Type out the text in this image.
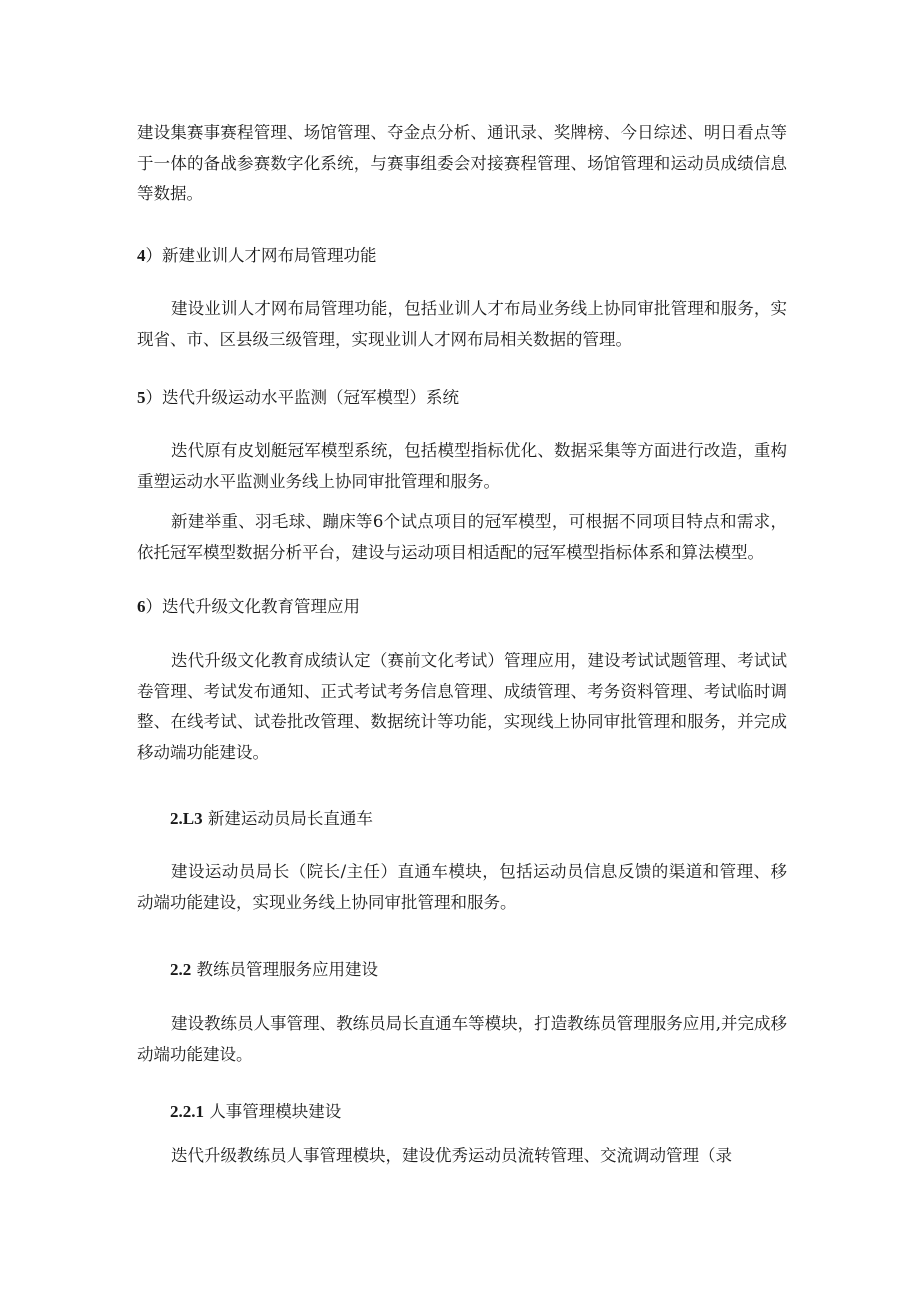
建设集赛事赛程管理、场馆管理、夺金点分析、通讯录、奖牌榜、今日综述、明日看点等于一体的备战参赛数字化系统，与赛事组委会对接赛程管理、场馆管理和运动员成绩信息等数据。
4）新建业训人才网布局管理功能
建设业训人才网布局管理功能，包括业训人才布局业务线上协同审批管理和服务，实现省、市、区县级三级管理，实现业训人才网布局相关数据的管理。
5）迭代升级运动水平监测（冠军模型）系统
迭代原有皮划艇冠军模型系统，包括模型指标优化、数据采集等方面进行改造，重构重塑运动水平监测业务线上协同审批管理和服务。
新建举重、羽毛球、蹦床等6个试点项目的冠军模型，可根据不同项目特点和需求，依托冠军模型数据分析平台，建设与运动项目相适配的冠军模型指标体系和算法模型。
6）迭代升级文化教育管理应用
迭代升级文化教育成绩认定（赛前文化考试）管理应用，建设考试试题管理、考试试卷管理、考试发布通知、正式考试考务信息管理、成绩管理、考务资料管理、考试临时调整、在线考试、试卷批改管理、数据统计等功能，实现线上协同审批管理和服务，并完成移动端功能建设。
2.L3 新建运动员局长直通车
建设运动员局长（院长/主任）直通车模块，包括运动员信息反馈的渠道和管理、移动端功能建设，实现业务线上协同审批管理和服务。
2.2 教练员管理服务应用建设
建设教练员人事管理、教练员局长直通车等模块，打造教练员管理服务应用,并完成移动端功能建设。
2.2.1 人事管理模块建设
迭代升级教练员人事管理模块，建设优秀运动员流转管理、交流调动管理（录
